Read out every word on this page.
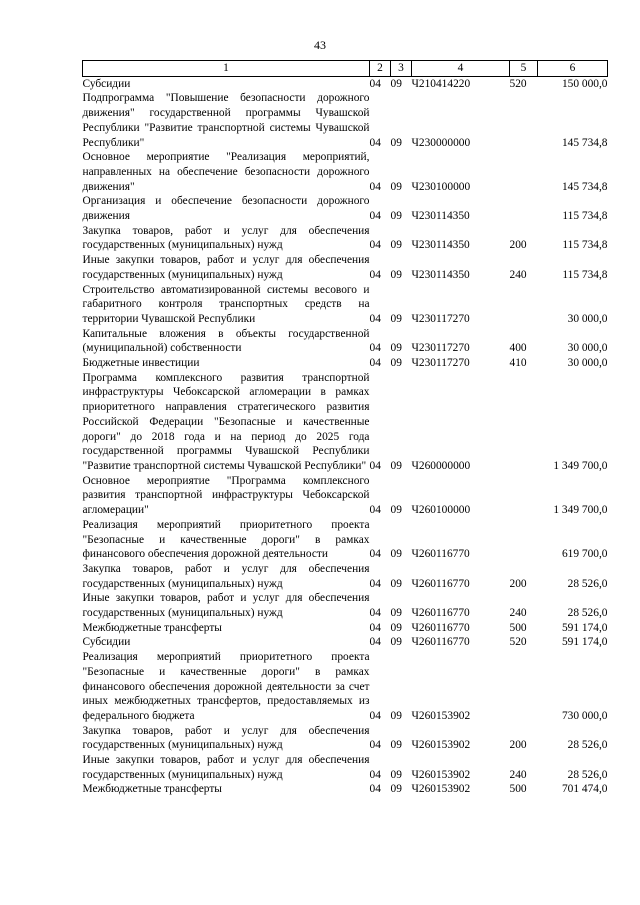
43
1	2	3	4	5	6
Субсидии	04	09	Ч210414220	520	150 000,0
Подпрограмма "Повышение безопасности дорожного движения" государственной программы Чувашской Республики "Развитие транспортной системы Чувашской Республики"	04	09	Ч230000000		145 734,8
Основное мероприятие "Реализация мероприятий, направленных на обеспечение безопасности дорожного движения"	04	09	Ч230100000		145 734,8
Организация и обеспечение безопасности дорожного движения	04	09	Ч230114350		115 734,8
Закупка товаров, работ и услуг для обеспечения государственных (муниципальных) нужд	04	09	Ч230114350	200	115 734,8
Иные закупки товаров, работ и услуг для обеспечения государственных (муниципальных) нужд	04	09	Ч230114350	240	115 734,8
Строительство автоматизированной системы весового и габаритного контроля транспортных средств на территории Чувашской Республики	04	09	Ч230117270		30 000,0
Капитальные вложения в объекты государственной (муниципальной) собственности	04	09	Ч230117270	400	30 000,0
Бюджетные инвестиции	04	09	Ч230117270	410	30 000,0
Программа комплексного развития транспортной инфраструктуры Чебоксарской агломерации в рамках приоритетного направления стратегического развития Российской Федерации "Безопасные и качественные дороги" до 2018 года и на период до 2025 года государственной программы Чувашской Республики "Развитие транспортной системы Чувашской Республики"	04	09	Ч260000000		1 349 700,0
Основное мероприятие "Программа комплексного развития транспортной инфраструктуры Чебоксарской агломерации"	04	09	Ч260100000		1 349 700,0
Реализация мероприятий приоритетного проекта "Безопасные и качественные дороги" в рамках финансового обеспечения дорожной деятельности	04	09	Ч260116770		619 700,0
Закупка товаров, работ и услуг для обеспечения государственных (муниципальных) нужд	04	09	Ч260116770	200	28 526,0
Иные закупки товаров, работ и услуг для обеспечения государственных (муниципальных) нужд	04	09	Ч260116770	240	28 526,0
Межбюджетные трансферты	04	09	Ч260116770	500	591 174,0
Субсидии	04	09	Ч260116770	520	591 174,0
Реализация мероприятий приоритетного проекта "Безопасные и качественные дороги" в рамках финансового обеспечения дорожной деятельности за счет иных межбюджетных трансфертов, предоставляемых из федерального бюджета	04	09	Ч260153902		730 000,0
Закупка товаров, работ и услуг для обеспечения государственных (муниципальных) нужд	04	09	Ч260153902	200	28 526,0
Иные закупки товаров, работ и услуг для обеспечения государственных (муниципальных) нужд	04	09	Ч260153902	240	28 526,0
Межбюджетные трансферты	04	09	Ч260153902	500	701 474,0
